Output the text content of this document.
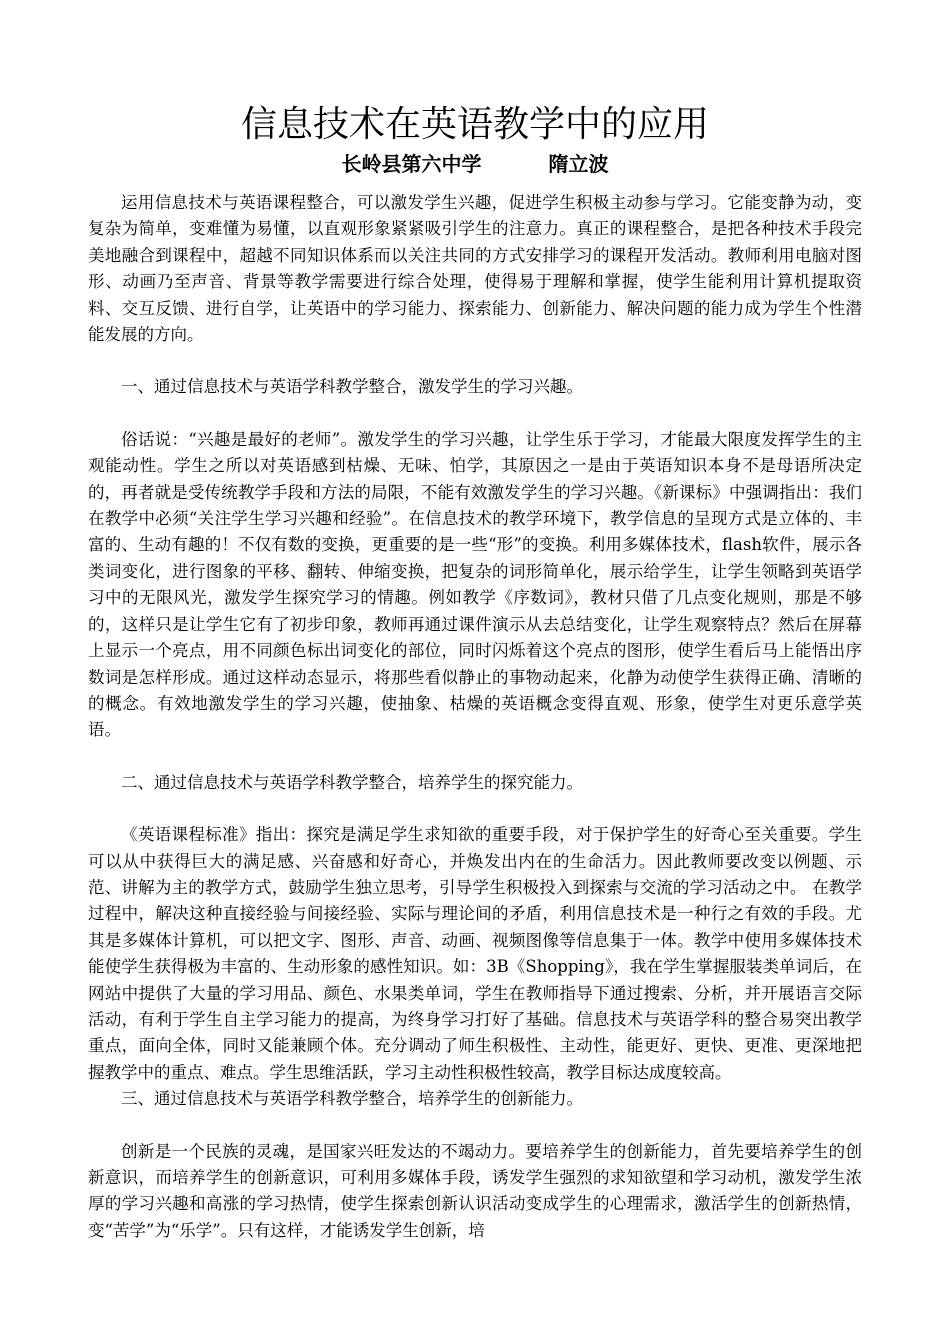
信息技术在英语教学中的应用
长岭县第六中学	隋立波

运用信息技术与英语课程整合，可以激发学生兴趣，促进学生积极主动参与学习。它能变静为动，变复杂为简单，变难懂为易懂，以直观形象紧紧吸引学生的注意力。真正的课程整合，是把各种技术手段完美地融合到课程中，超越不同知识体系而以关注共同的方式安排学习的课程开发活动。教师利用电脑对图形、动画乃至声音、背景等教学需要进行综合处理，使得易于理解和掌握，使学生能利用计算机提取资料、交互反馈、进行自学，让英语中的学习能力、探索能力、创新能力、解决问题的能力成为学生个性潜能发展的方向。

一、通过信息技术与英语学科教学整合，激发学生的学习兴趣。

俗话说：“兴趣是最好的老师”。激发学生的学习兴趣，让学生乐于学习，才能最大限度发挥学生的主观能动性。学生之所以对英语感到枯燥、无味、怕学，其原因之一是由于英语知识本身不是母语所决定的，再者就是受传统教学手段和方法的局限，不能有效激发学生的学习兴趣。《新课标》中强调指出：我们在教学中必须“关注学生学习兴趣和经验”。在信息技术的教学环境下，教学信息的呈现方式是立体的、丰富的、生动有趣的！不仅有数的变换，更重要的是一些“形”的变换。利用多媒体技术，flash软件，展示各类词变化，进行图象的平移、翻转、伸缩变换，把复杂的词形简单化，展示给学生，让学生领略到英语学习中的无限风光，激发学生探究学习的情趣。例如教学《序数词》，教材只借了几点变化规则，那是不够的，这样只是让学生它有了初步印象，教师再通过课件演示从去总结变化，让学生观察特点？然后在屏幕上显示一个亮点，用不同颜色标出词变化的部位，同时闪烁着这个亮点的图形，使学生看后马上能悟出序数词是怎样形成。通过这样动态显示，将那些看似静止的事物动起来，化静为动使学生获得正确、清晰的的概念。有效地激发学生的学习兴趣，使抽象、枯燥的英语概念变得直观、形象，使学生对更乐意学英语。

二、通过信息技术与英语学科教学整合，培养学生的探究能力。

《英语课程标准》指出：探究是满足学生求知欲的重要手段，对于保护学生的好奇心至关重要。学生可以从中获得巨大的满足感、兴奋感和好奇心，并焕发出内在的生命活力。因此教师要改变以例题、示范、讲解为主的教学方式，鼓励学生独立思考，引导学生积极投入到探索与交流的学习活动之中。 在教学过程中，解决这种直接经验与间接经验、实际与理论间的矛盾，利用信息技术是一种行之有效的手段。尤其是多媒体计算机，可以把文字、图形、声音、动画、视频图像等信息集于一体。教学中使用多媒体技术能使学生获得极为丰富的、生动形象的感性知识。如：3B《Shopping》，我在学生掌握服装类单词后，在网站中提供了大量的学习用品、颜色、水果类单词，学生在教师指导下通过搜索、分析，并开展语言交际活动，有利于学生自主学习能力的提高，为终身学习打好了基础。信息技术与英语学科的整合易突出教学重点，面向全体，同时又能兼顾个体。充分调动了师生积极性、主动性，能更好、更快、更准、更深地把握教学中的重点、难点。学生思维活跃，学习主动性积极性较高，教学目标达成度较高。

三、通过信息技术与英语学科教学整合，培养学生的创新能力。

创新是一个民族的灵魂，是国家兴旺发达的不竭动力。要培养学生的创新能力，首先要培养学生的创新意识，而培养学生的创新意识，可利用多媒体手段，诱发学生强烈的求知欲望和学习动机，激发学生浓厚的学习兴趣和高涨的学习热情，使学生探索创新认识活动变成学生的心理需求，激活学生的创新热情，变“苦学”为“乐学”。只有这样，才能诱发学生创新，培
